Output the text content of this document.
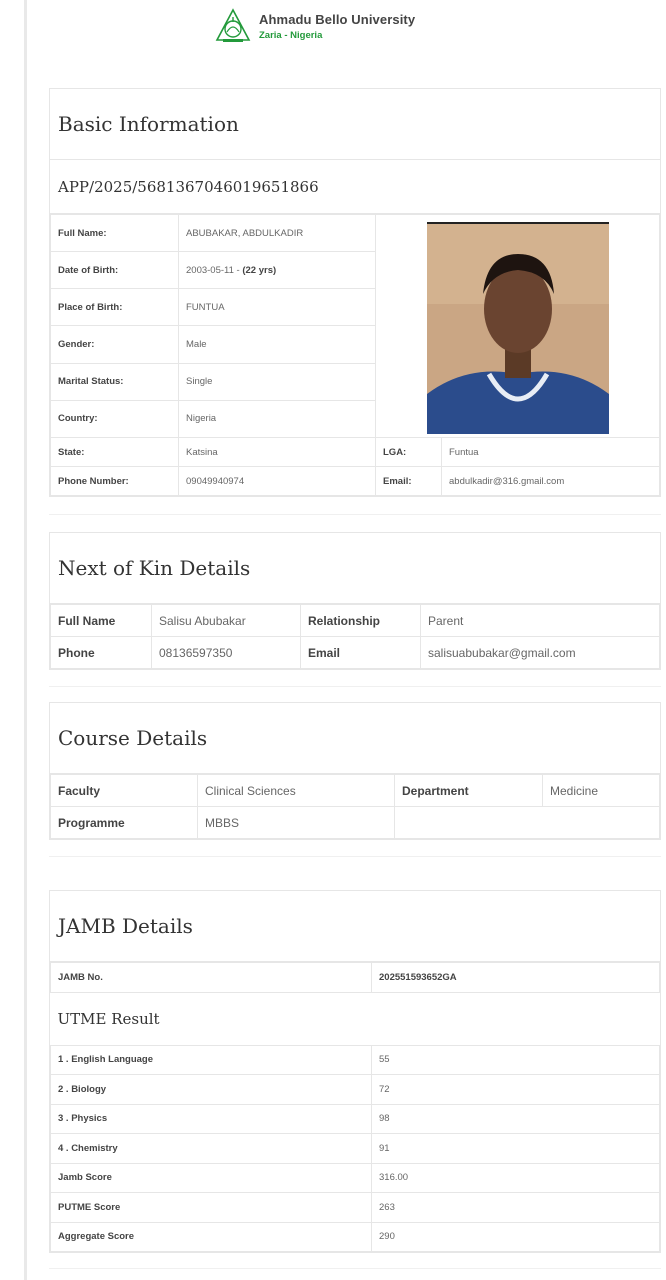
Ahmadu Bello University
Zaria - Nigeria
Basic Information
APP/2025/5681367046019651866
Full Name:	ABUBAKAR, ABDULKADIR	
Date of Birth:	2003-05-11 - (22 yrs)		
Place of Birth:	FUNTUA		
Gender:	Male		
Marital Status:	Single		
Country:	Nigeria		
State:	Katsina	LGA:	Funtua
Phone Number:	09049940974	Email:	abdulkadir@316.gmail.com
Next of Kin Details
Full Name	Salisu Abubakar	Relationship	Parent
Phone	08136597350	Email	salisuabubakar@gmail.com
Course Details
Faculty	Clinical Sciences	Department	Medicine
Programme	MBBS		
JAMB Details
JAMB No.	202551593652GA
UTME Result	
1 . English Language	55
2 . Biology	72
3 . Physics	98
4 . Chemistry	91
Jamb Score	316.00
PUTME Score	263
Aggregate Score	290
